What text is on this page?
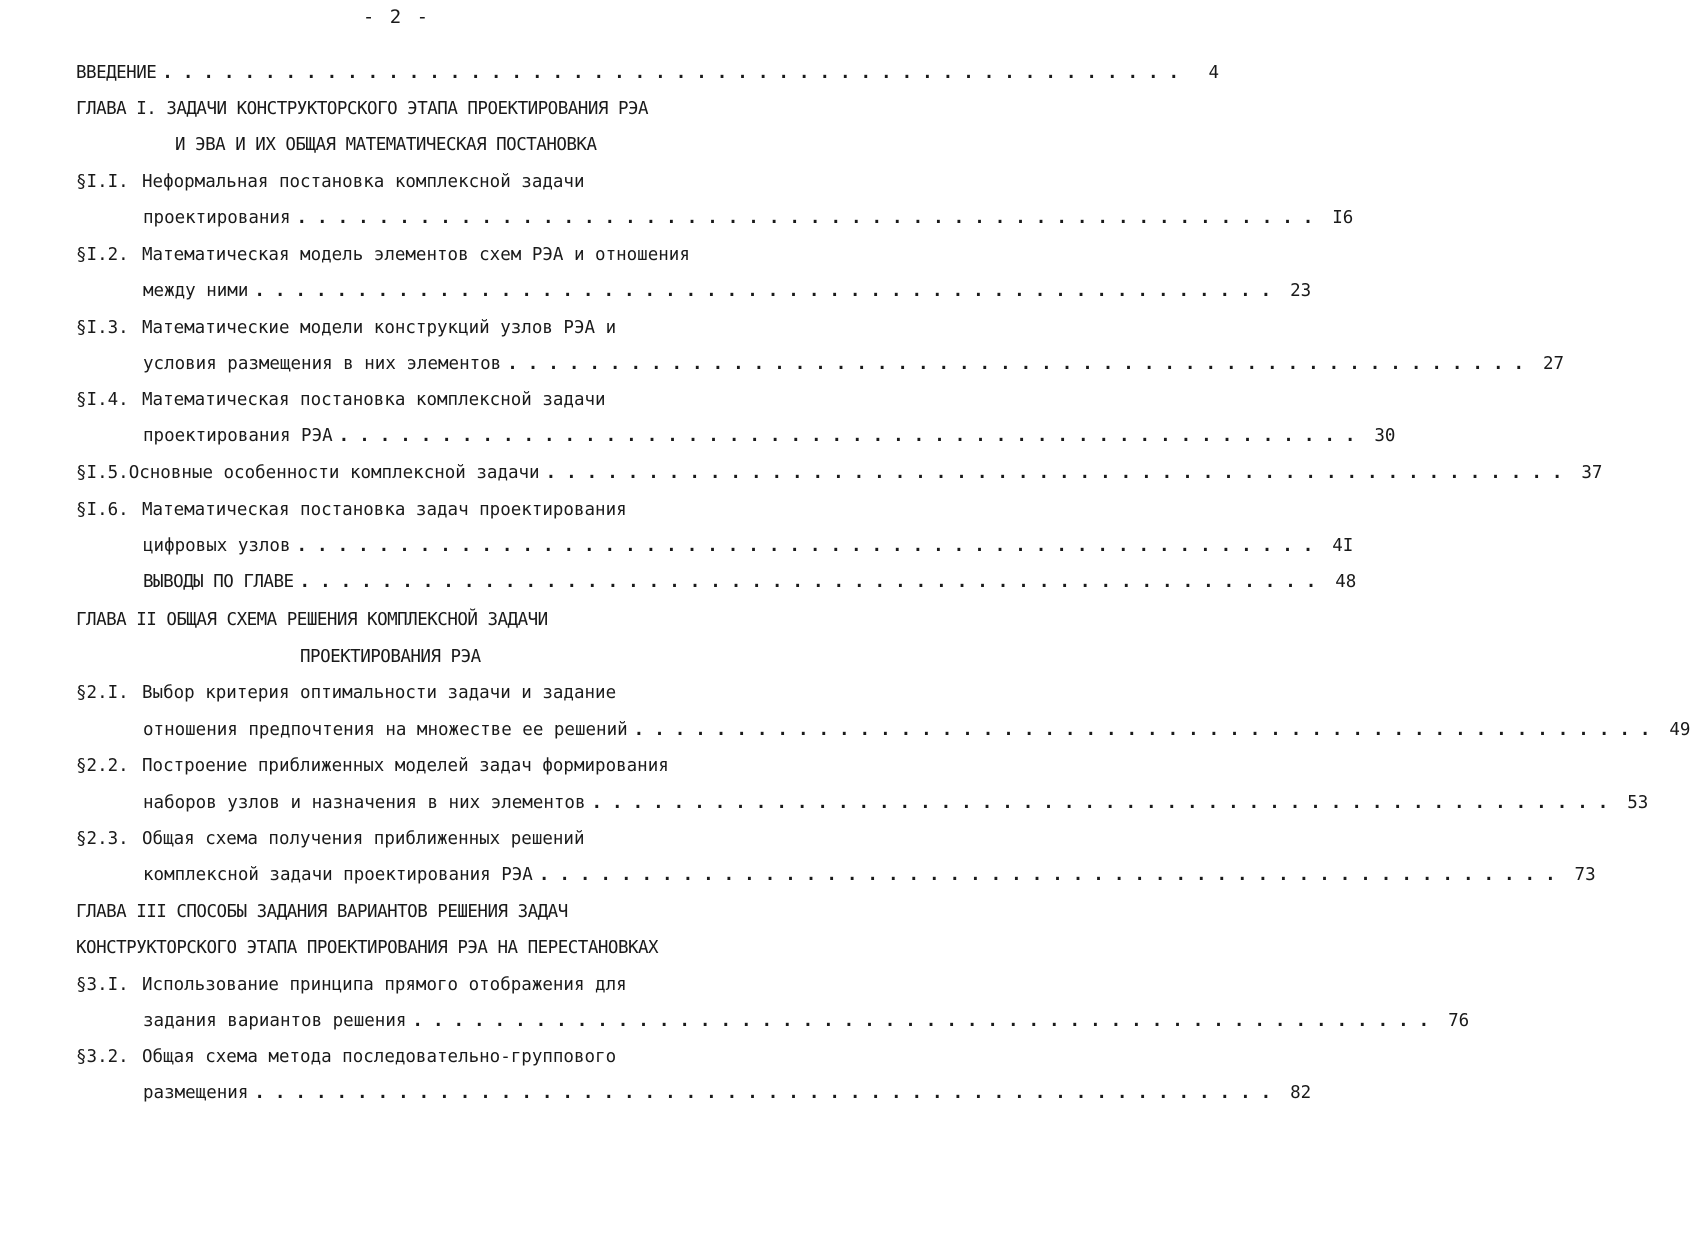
- 2 -
ВВЕДЕНИЕ ..................................................	4
ГЛАВА I. ЗАДАЧИ КОНСТРУКТОРСКОГО ЭТАПА ПРОЕКТИРОВАНИЯ РЭА
И ЭВА И ИХ ОБЩАЯ МАТЕМАТИЧЕСКАЯ ПОСТАНОВКА
§I.I. Неформальная постановка комплексной задачи
проектирования .................................................. I6
§I.2. Математическая модель элементов схем РЭА и отношения
между ними .................................................. 23
§I.3. Математические модели конструкций узлов РЭА и
условия размещения в них элементов .................................................. 27
§I.4. Математическая постановка комплексной задачи
проектирования РЭА .................................................. 30
§I.5. Основные особенности комплексной задачи .................................................. 37
§I.6. Математическая постановка задач проектирования
цифровых узлов .................................................. 4I
ВЫВОДЫ ПО ГЛАВЕ .................................................. 48
ГЛАВА II ОБЩАЯ СХЕМА РЕШЕНИЯ КОМПЛЕКСНОЙ ЗАДАЧИ
ПРОЕКТИРОВАНИЯ РЭА
§2.I. Выбор критерия оптимальности задачи и задание
отношения предпочтения на множестве ее решений .................................................. 49
§2.2. Построение приближенных моделей задач формирования
наборов узлов и назначения в них элементов .................................................. 53
§2.3. Общая схема получения приближенных решений
комплексной задачи проектирования РЭА .................................................. 73
ГЛАВА III СПОСОБЫ ЗАДАНИЯ ВАРИАНТОВ РЕШЕНИЯ ЗАДАЧ
КОНСТРУКТОРСКОГО ЭТАПА ПРОЕКТИРОВАНИЯ РЭА НА ПЕРЕСТАНОВКАХ
§3.I. Использование принципа прямого отображения для
задания вариантов решения .................................................. 76
§3.2. Общая схема метода последовательно-группового
размещения .................................................. 82
